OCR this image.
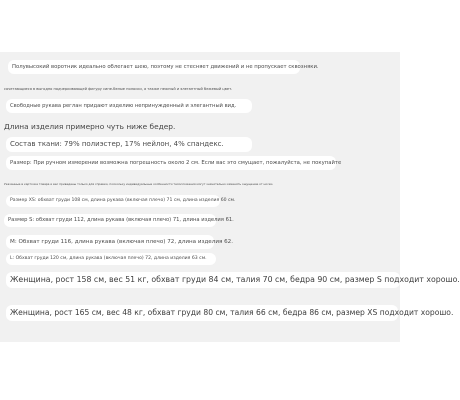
Полувысокий воротник идеально облегает шею, поэтому не стесняет движений и не пропускает сквозняки.
сочетающиеся в выгодно подчеркивающей фигуру сине-белые полоски, а также нежный и элегантный бежевый цвет.
Свободные рукава реглан придают изделию непринужденный и элегантный вид.
Длина изделия примерно чуть ниже бедер.
Состав ткани: 79% полиэстер, 17% нейлон, 4% спандекс.
Размер: При ручном измерении возможна погрешность около 2 см. Если вас это смущает, пожалуйста, не покупайте
Указанные в карточке товара и вес приведены только для справки, поскольку индивидуальные особенности телосложения могут значительно изменять ощущение от носки.
Размер XS: обхват груди 108 см, длина рукава (включая плечо) 71 см, длина изделия 60 см.
Размер S: обхват груди 112, длина рукава (включая плечо) 71, длина изделия 61.
M: Обхват груди 116, длина рукава (включая плечо) 72, длина изделия 62.
L: Обхват груди 120 см, длина рукава (включая плечо) 72, длина изделия 63 см.
Женщина, рост 158 см, вес 51 кг, обхват груди 84 см, талия 70 см, бедра 90 см, размер S подходит хорошо.
Женщина, рост 165 см, вес 48 кг, обхват груди 80 см, талия 66 см, бедра 86 см, размер XS подходит хорошо.
